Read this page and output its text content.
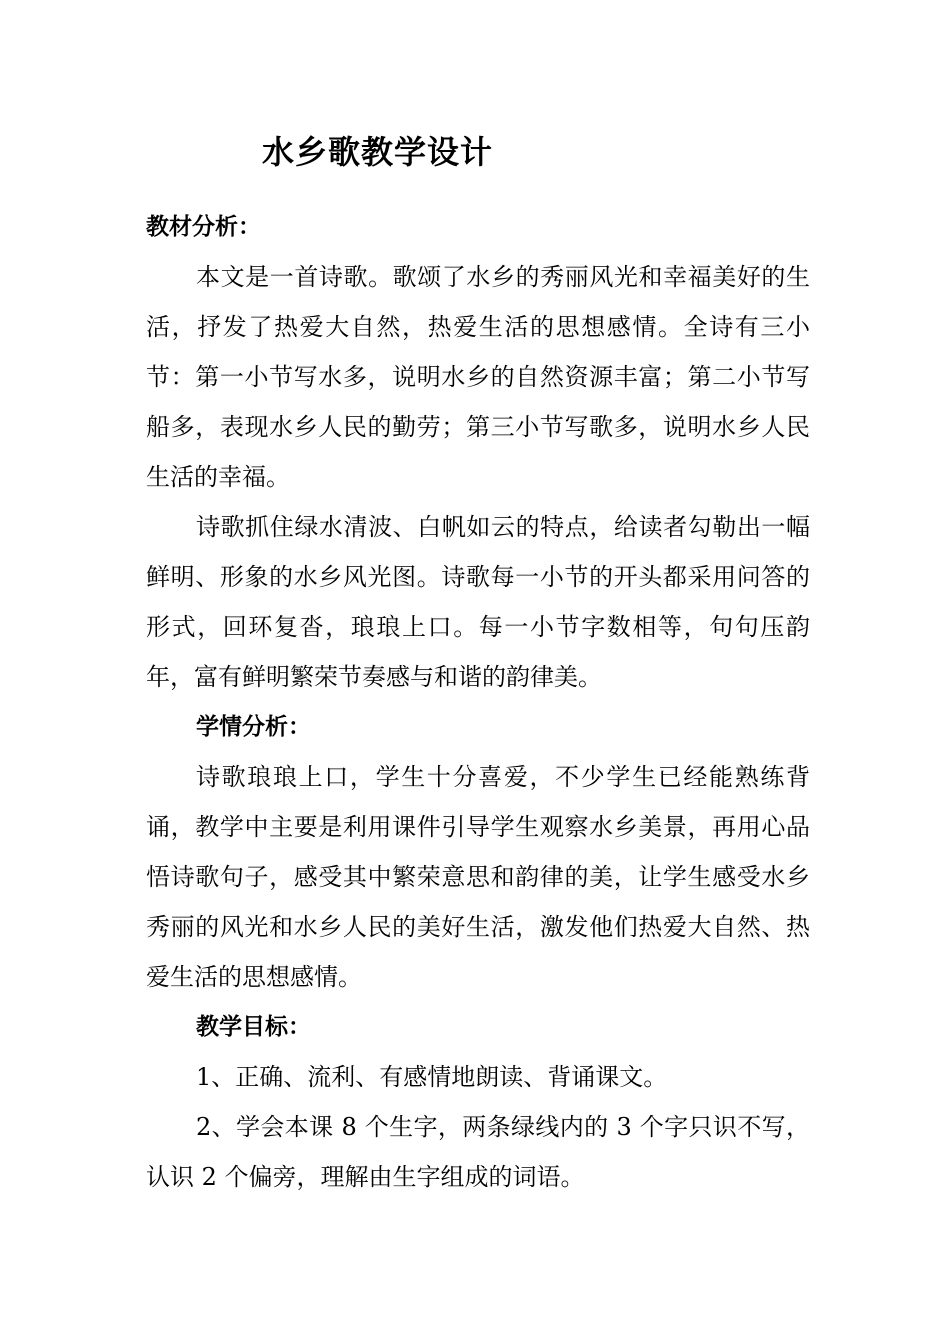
水乡歌教学设计

教材分析：

本文是一首诗歌。歌颂了水乡的秀丽风光和幸福美好的生活，抒发了热爱大自然，热爱生活的思想感情。全诗有三小节：第一小节写水多，说明水乡的自然资源丰富；第二小节写船多，表现水乡人民的勤劳；第三小节写歌多，说明水乡人民生活的幸福。

诗歌抓住绿水清波、白帆如云的特点，给读者勾勒出一幅鲜明、形象的水乡风光图。诗歌每一小节的开头都采用问答的形式，回环复沓，琅琅上口。每一小节字数相等，句句压韵年，富有鲜明繁荣节奏感与和谐的韵律美。

学情分析：

诗歌琅琅上口，学生十分喜爱，不少学生已经能熟练背诵，教学中主要是利用课件引导学生观察水乡美景，再用心品悟诗歌句子，感受其中繁荣意思和韵律的美，让学生感受水乡秀丽的风光和水乡人民的美好生活，激发他们热爱大自然、热爱生活的思想感情。

教学目标：

1、正确、流利、有感情地朗读、背诵课文。

2、学会本课 8 个生字，两条绿线内的 3 个字只识不写，认识 2 个偏旁，理解由生字组成的词语。
